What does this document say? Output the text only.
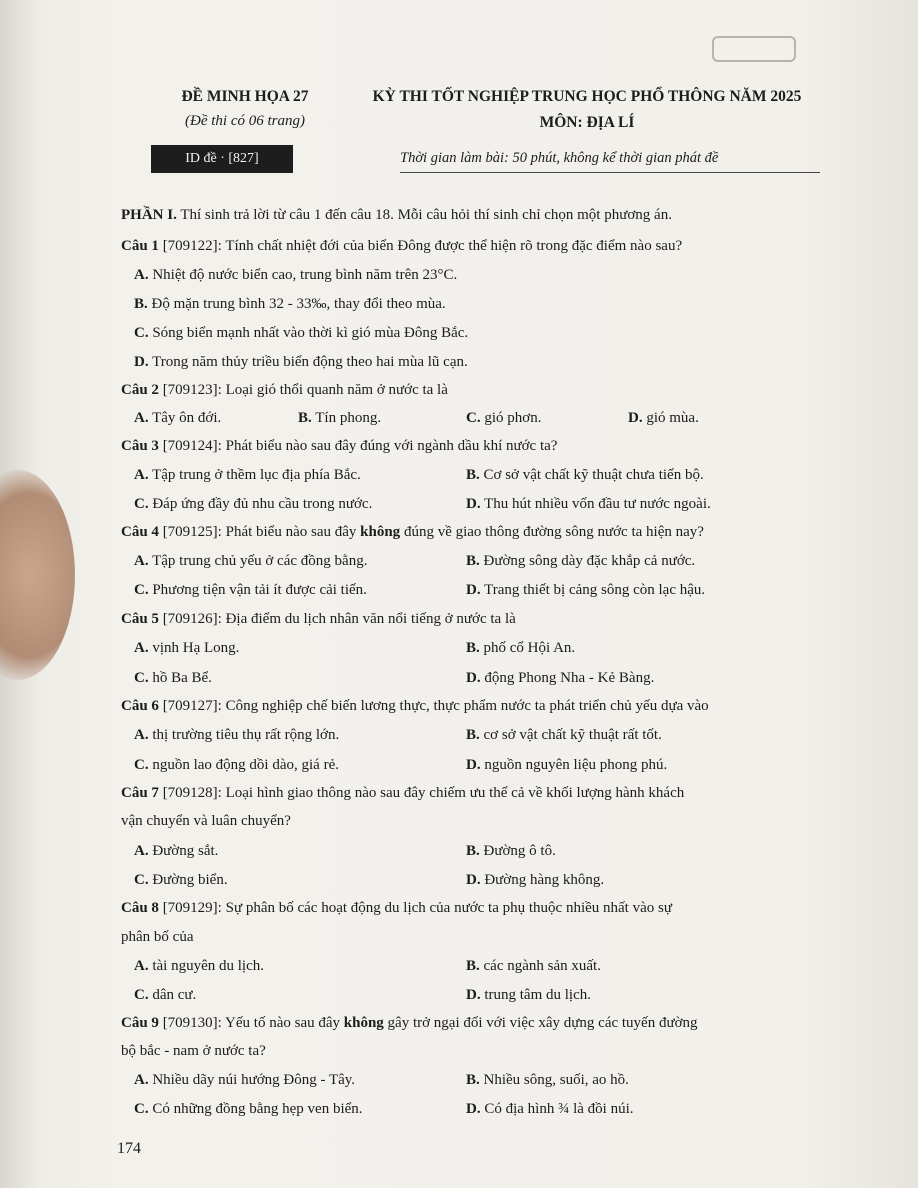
ĐỀ MINH HỌA 27
(Đề thi có 06 trang)
ID đề · [827]
KỲ THI TỐT NGHIỆP TRUNG HỌC PHỔ THÔNG NĂM 2025
MÔN: ĐỊA LÍ
Thời gian làm bài: 50 phút, không kể thời gian phát đề
PHẦN I. Thí sinh trả lời từ câu 1 đến câu 18. Mỗi câu hỏi thí sinh chỉ chọn một phương án.
Câu 1 [709122]: Tính chất nhiệt đới của biển Đông được thể hiện rõ trong đặc điểm nào sau?
A. Nhiệt độ nước biển cao, trung bình năm trên 23°C.
B. Độ mặn trung bình 32 - 33‰, thay đổi theo mùa.
C. Sóng biển mạnh nhất vào thời kì gió mùa Đông Bắc.
D. Trong năm thủy triều biến động theo hai mùa lũ cạn.
Câu 2 [709123]: Loại gió thổi quanh năm ở nước ta là
A. Tây ôn đới.	B. Tín phong.	C. gió phơn.	D. gió mùa.
Câu 3 [709124]: Phát biểu nào sau đây đúng với ngành dầu khí nước ta?
A. Tập trung ở thềm lục địa phía Bắc.	B. Cơ sở vật chất kỹ thuật chưa tiến bộ.
C. Đáp ứng đầy đủ nhu cầu trong nước.	D. Thu hút nhiều vốn đầu tư nước ngoài.
Câu 4 [709125]: Phát biểu nào sau đây không đúng về giao thông đường sông nước ta hiện nay?
A. Tập trung chủ yếu ở các đồng bằng.	B. Đường sông dày đặc khắp cả nước.
C. Phương tiện vận tải ít được cải tiến.	D. Trang thiết bị cảng sông còn lạc hậu.
Câu 5 [709126]: Địa điểm du lịch nhân văn nổi tiếng ở nước ta là
A. vịnh Hạ Long.	B. phố cổ Hội An.
C. hồ Ba Bể.	D. động Phong Nha - Kẻ Bàng.
Câu 6 [709127]: Công nghiệp chế biến lương thực, thực phẩm nước ta phát triển chủ yếu dựa vào
A. thị trường tiêu thụ rất rộng lớn.	B. cơ sở vật chất kỹ thuật rất tốt.
C. nguồn lao động dồi dào, giá rẻ.	D. nguồn nguyên liệu phong phú.
Câu 7 [709128]: Loại hình giao thông nào sau đây chiếm ưu thế cả về khối lượng hành khách
vận chuyển và luân chuyển?
A. Đường sắt.	B. Đường ô tô.
C. Đường biển.	D. Đường hàng không.
Câu 8 [709129]: Sự phân bố các hoạt động du lịch của nước ta phụ thuộc nhiều nhất vào sự
phân bố của
A. tài nguyên du lịch.	B. các ngành sản xuất.
C. dân cư.	D. trung tâm du lịch.
Câu 9 [709130]: Yếu tố nào sau đây không gây trở ngại đối với việc xây dựng các tuyến đường
bộ bắc - nam ở nước ta?
A. Nhiều dãy núi hướng Đông - Tây.	B. Nhiều sông, suối, ao hồ.
C. Có những đồng bằng hẹp ven biển.	D. Có địa hình ¾ là đồi núi.
174
